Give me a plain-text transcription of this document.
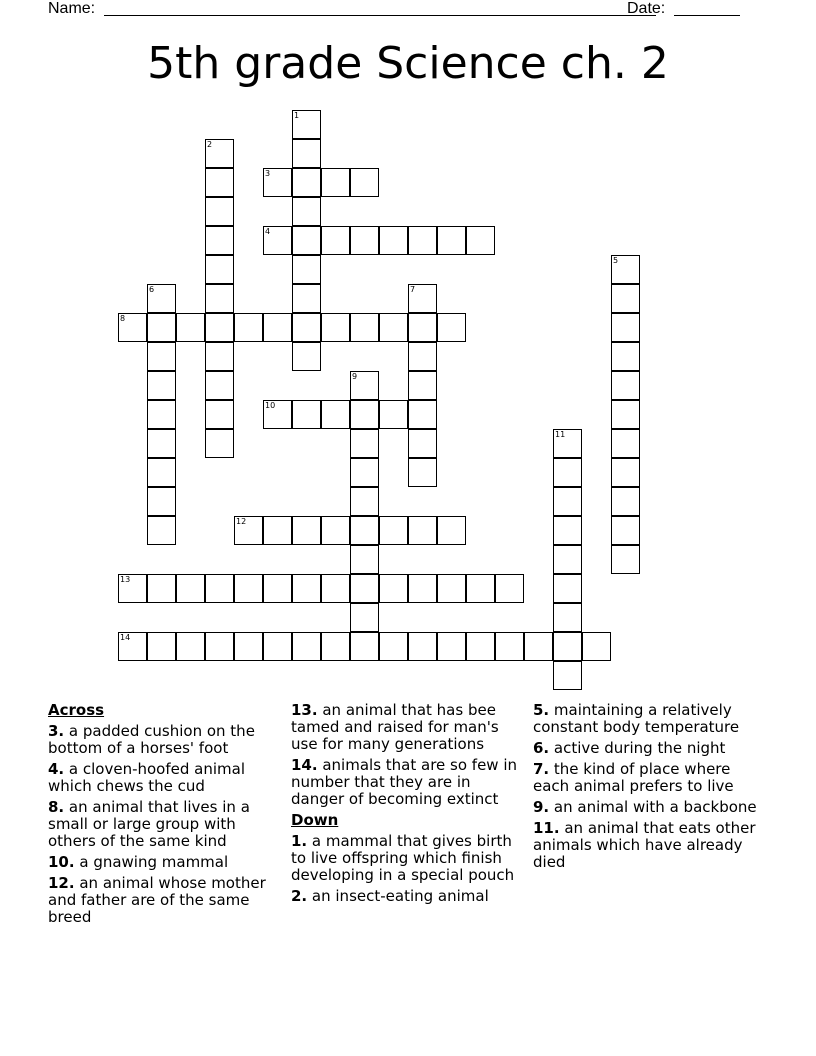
Name:	Date:
5th grade Science ch. 2
1
2
3
4
5
6	7
8
9
10
11
12
13
14
Across
3. a padded cushion on the bottom of a horses' foot
4. a cloven-hoofed animal which chews the cud
8. an animal that lives in a small or large group with others of the same kind
10. a gnawing mammal
12. an animal whose mother and father are of the same breed
13. an animal that has bee tamed and raised for man's use for many generations
14. animals that are so few in number that they are in danger of becoming extinct
Down
1. a mammal that gives birth to live offspring which finish developing in a special pouch
2. an insect-eating animal
5. maintaining a relatively constant body temperature
6. active during the night
7. the kind of place where each animal prefers to live
9. an animal with a backbone
11. an animal that eats other animals which have already died
